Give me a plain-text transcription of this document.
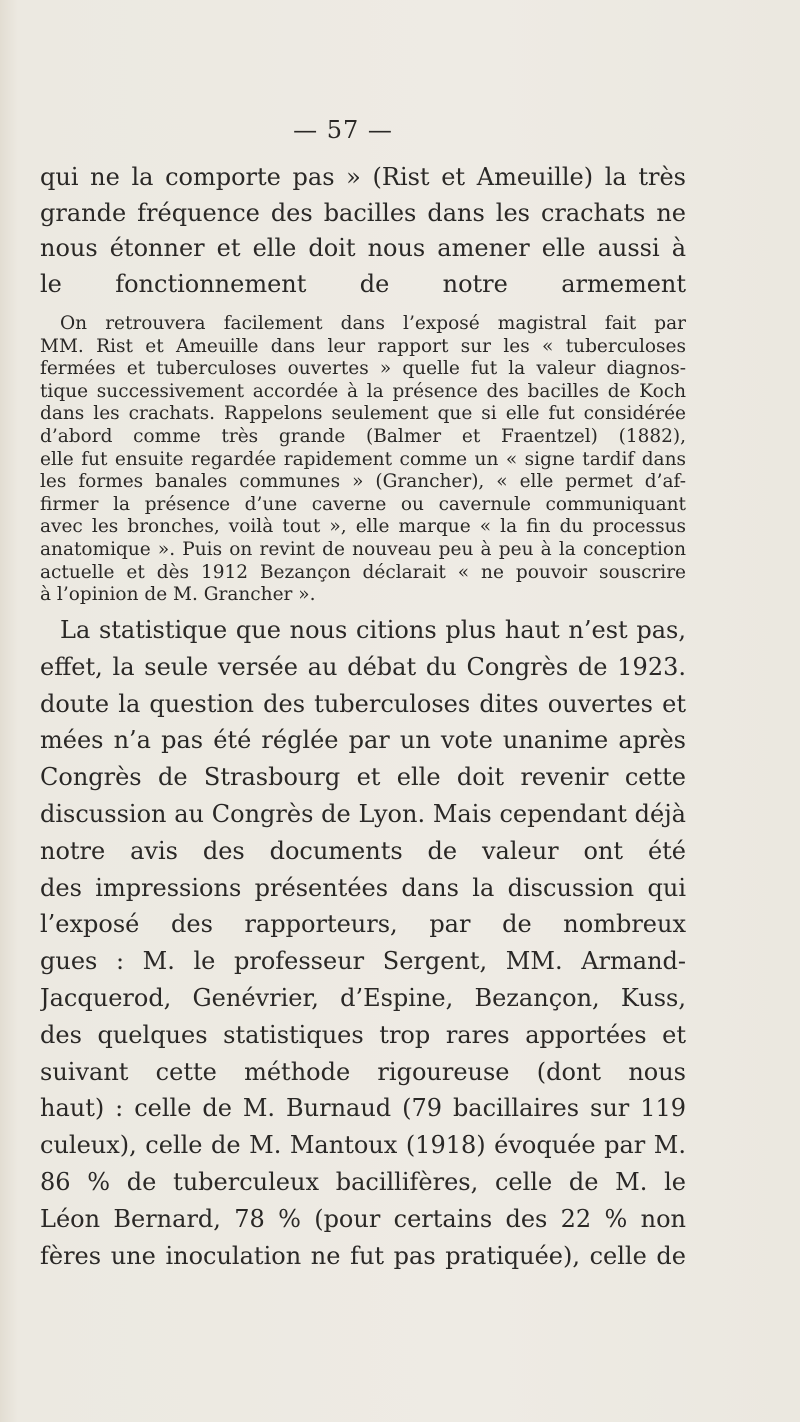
— 57 —
qui ne la comporte pas » (Rist et Ameuille) la très
grande fréquence des bacilles dans les crachats ne
nous étonner et elle doit nous amener elle aussi à
le fonctionnement de notre armement
On retrouvera facilement dans l’exposé magistral fait par
MM. Rist et Ameuille dans leur rapport sur les « tuberculoses
fermées et tuberculoses ouvertes » quelle fut la valeur diagnos-
tique successivement accordée à la présence des bacilles de Koch
dans les crachats. Rappelons seulement que si elle fut considérée
d’abord comme très grande (Balmer et Fraentzel) (1882),
elle fut ensuite regardée rapidement comme un « signe tardif dans
les formes banales communes » (Grancher), « elle permet d’af-
firmer la présence d’une caverne ou cavernule communiquant
avec les bronches, voilà tout », elle marque « la fin du processus
anatomique ». Puis on revint de nouveau peu à peu à la conception
actuelle et dès 1912 Bezançon déclarait « ne pouvoir souscrire
à l’opinion de M. Grancher ».
La statistique que nous citions plus haut n’est pas,
effet, la seule versée au débat du Congrès de 1923.
doute la question des tuberculoses dites ouvertes et
mées n’a pas été réglée par un vote unanime après
Congrès de Strasbourg et elle doit revenir cette
discussion au Congrès de Lyon. Mais cependant déjà
notre avis des documents de valeur ont été
des impressions présentées dans la discussion qui
l’exposé des rapporteurs, par de nombreux
gues : M. le professeur Sergent, MM. Armand-
Jacquerod, Genévrier, d’Espine, Bezançon, Kuss,
des quelques statistiques trop rares apportées et
suivant cette méthode rigoureuse (dont nous
haut) : celle de M. Burnaud (79 bacillaires sur 119
culeux), celle de M. Mantoux (1918) évoquée par M.
86 % de tuberculeux bacillifères, celle de M. le
Léon Bernard, 78 % (pour certains des 22 % non
fères une inoculation ne fut pas pratiquée), celle de
